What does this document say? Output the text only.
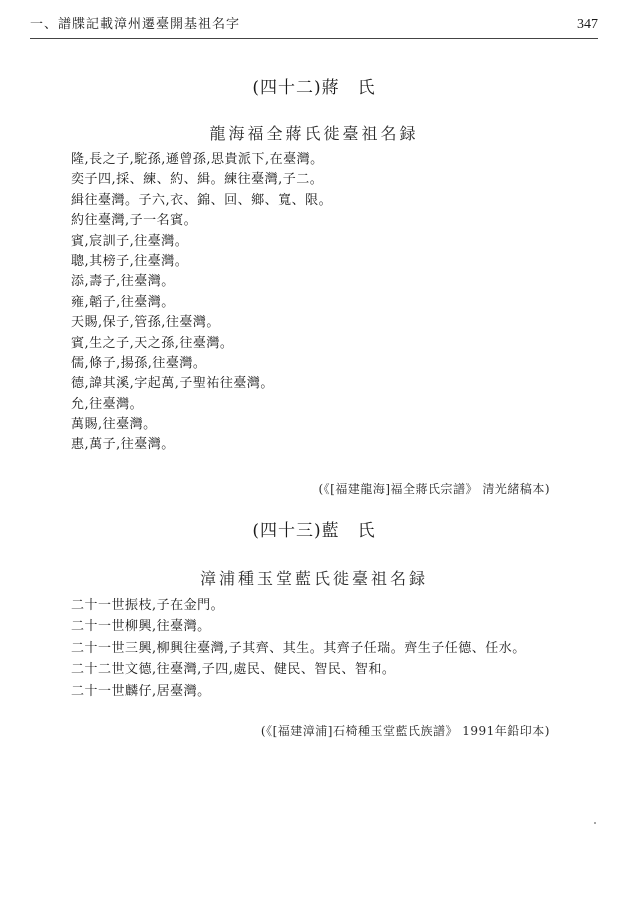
一、譜牒記載漳州遷臺開基祖名字	347
(四十二)蔣　氏
龍海福全蔣氏徙臺祖名録
隆,長之子,駝孫,遜曾孫,思貴派下,在臺灣。
奕子四,採、練、約、緝。練往臺灣,子二。
緝往臺灣。子六,衣、錦、回、鄉、寬、限。
約往臺灣,子一名賓。
賓,宸訓子,往臺灣。
聰,其榜子,往臺灣。
添,壽子,往臺灣。
雍,韜子,往臺灣。
天賜,保子,管孫,往臺灣。
賓,生之子,天之孫,往臺灣。
儒,條子,揚孫,往臺灣。
德,諱其溪,字起萬,子聖祐往臺灣。
允,往臺灣。
萬賜,往臺灣。
惠,萬子,往臺灣。
(《[福建龍海]福全蔣氏宗譜》 清光緒稿本)
(四十三)藍　氏
漳浦種玉堂藍氏徙臺祖名録
二十一世振枝,子在金門。
二十一世柳興,往臺灣。
二十一世三興,柳興往臺灣,子其齊、其生。其齊子任瑞。齊生子任德、任水。
二十二世文德,往臺灣,子四,處民、健民、智民、智和。
二十一世麟仔,居臺灣。
(《[福建漳浦]石椅種玉堂藍氏族譜》 1991年鉛印本)
